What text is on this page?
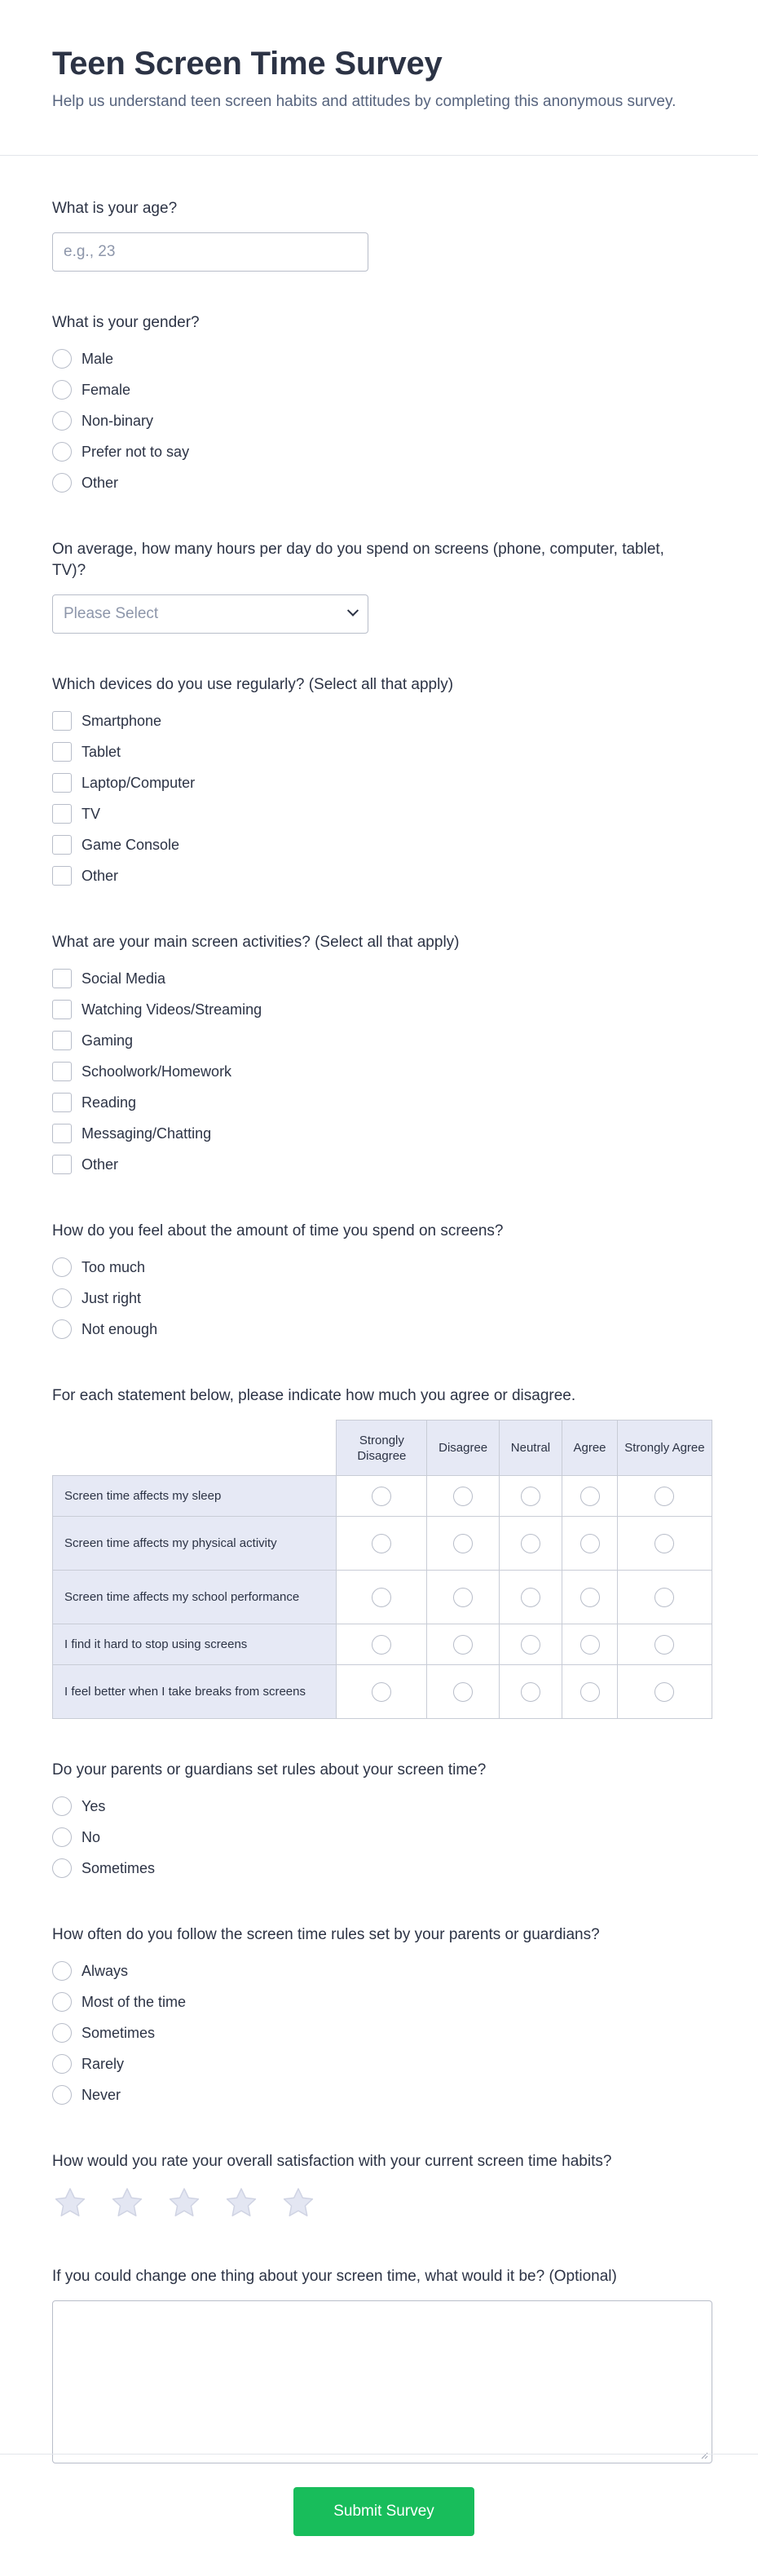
Teen Screen Time Survey

Help us understand teen screen habits and attitudes by completing this anonymous survey.

What is your age?
e.g., 23
What is your gender?
Male
Female
Non-binary
Prefer not to say
Other
On average, how many hours per day do you spend on screens (phone, computer, tablet, TV)?
Please Select
Which devices do you use regularly? (Select all that apply)
Smartphone
Tablet
Laptop/Computer
TV
Game Console
Other
What are your main screen activities? (Select all that apply)
Social Media
Watching Videos/Streaming
Gaming
Schoolwork/Homework
Reading
Messaging/Chatting
Other
How do you feel about the amount of time you spend on screens?
Too much
Just right
Not enough
For each statement below, please indicate how much you agree or disagree.
	Strongly Disagree	Disagree	Neutral	Agree	Strongly Agree
Screen time affects my sleep	

Screen time affects my physical activity	

Screen time affects my school performance	

I find it hard to stop using screens	

I feel better when I take breaks from screens	

Do your parents or guardians set rules about your screen time?
Yes
No
Sometimes
How often do you follow the screen time rules set by your parents or guardians?
Always
Most of the time
Sometimes
Rarely
Never
How would you rate your overall satisfaction with your current screen time habits?
If you could change one thing about your screen time, what would it be? (Optional)
Submit Survey
